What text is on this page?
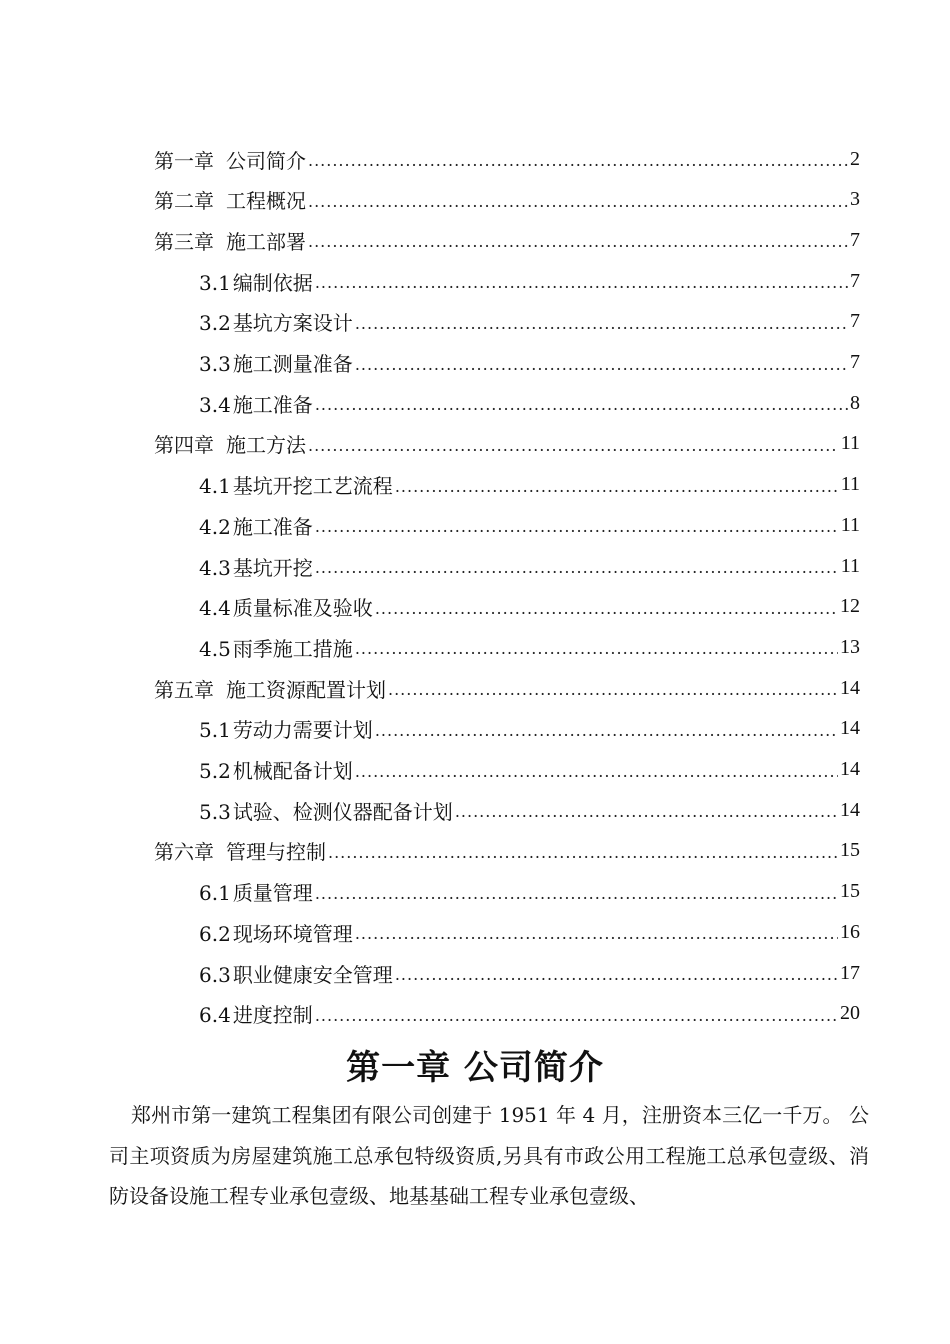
第一章 公司简介 .....	2
第二章 工程概况 .....	3
第三章 施工部署 .....	7
3.1 编制依据 .....	7
3.2 基坑方案设计 .....	7
3.3 施工测量准备 .....	7
3.4 施工准备 .....	8
第四章 施工方法 .....	11
4.1 基坑开挖工艺流程 .....	11
4.2 施工准备 .....	11
4.3 基坑开挖 .....	11
4.4 质量标准及验收 .....	12
4.5 雨季施工措施 .....	13
第五章 施工资源配置计划 .....	14
5.1 劳动力需要计划 .....	14
5.2 机械配备计划 .....	14
5.3 试验、检测仪器配备计划 .....	14
第六章 管理与控制 .....	15
6.1 质量管理 .....	15
6.2 现场环境管理 .....	16
6.3 职业健康安全管理 .....	17
6.4 进度控制 .....	20
第一章 公司简介
郑州市第一建筑工程集团有限公司创建于 1951 年 4 月，注册资本三亿一千万。 公司主项资质为房屋建筑施工总承包特级资质,另具有市政公用工程施工总承包壹级、消防设备设施工程专业承包壹级、地基基础工程专业承包壹级、
